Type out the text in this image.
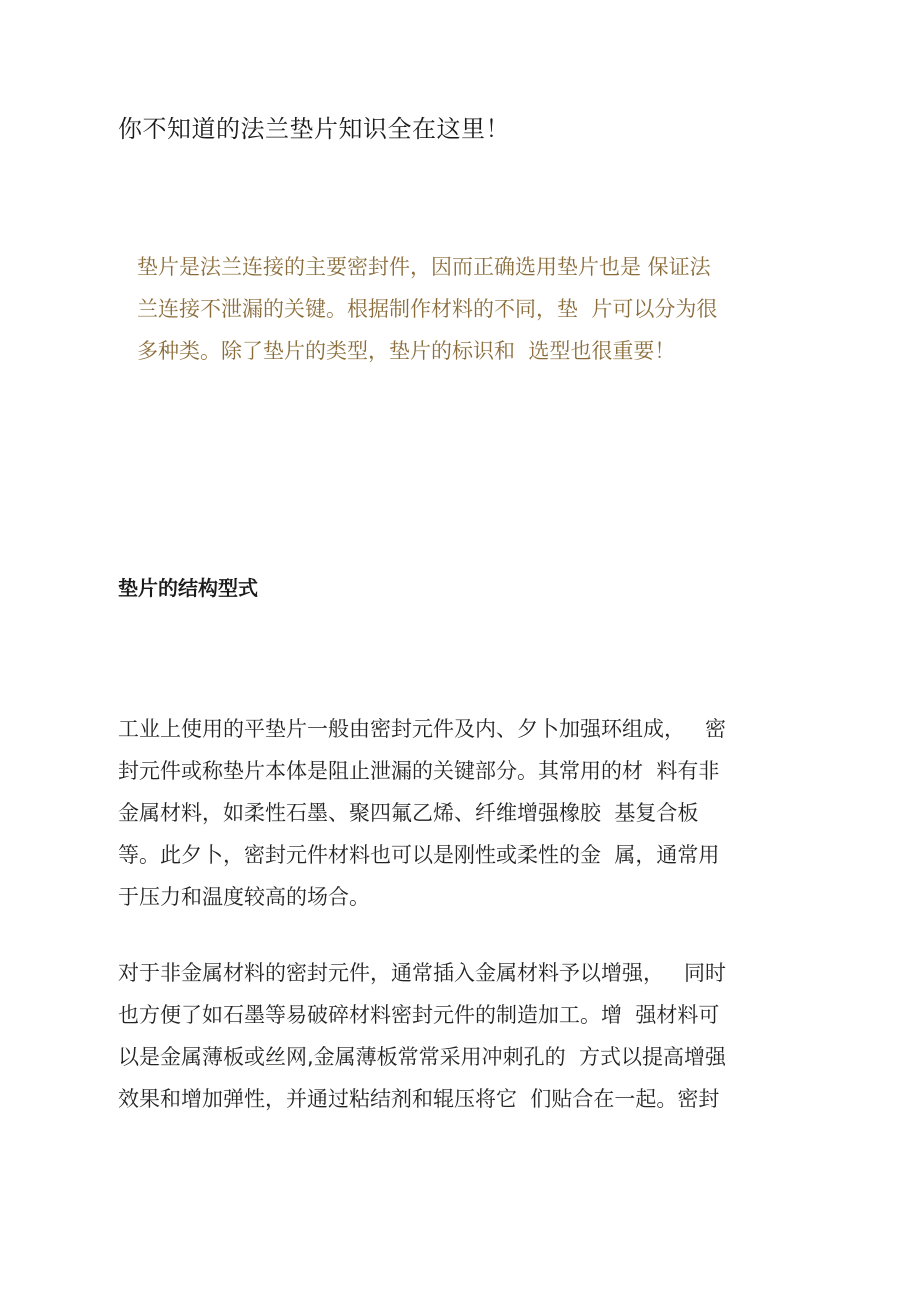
你不知道的法兰垫片知识全在这里！
垫片是法兰连接的主要密封件，因而正确选用垫片也是 保证法
兰连接不泄漏的关键。根据制作材料的不同，垫  片可以分为很
多种类。除了垫片的类型，垫片的标识和  选型也很重要！
垫片的结构型式
工业上使用的平垫片一般由密封元件及内、夕卜加强环组成，   密
封元件或称垫片本体是阻止泄漏的关键部分。其常用的材  料有非
金属材料，如柔性石墨、聚四氟乙烯、纤维增强橡胶  基复合板
等。此夕卜，密封元件材料也可以是刚性或柔性的金  属，通常用
于压力和温度较高的场合。
对于非金属材料的密封元件，通常插入金属材料予以增强，   同时
也方便了如石墨等易破碎材料密封元件的制造加工。增  强材料可
以是金属薄板或丝网,金属薄板常常采用冲刺孔的  方式以提高增强
效果和增加弹性，并通过粘结剂和辊压将它  们贴合在一起。密封
